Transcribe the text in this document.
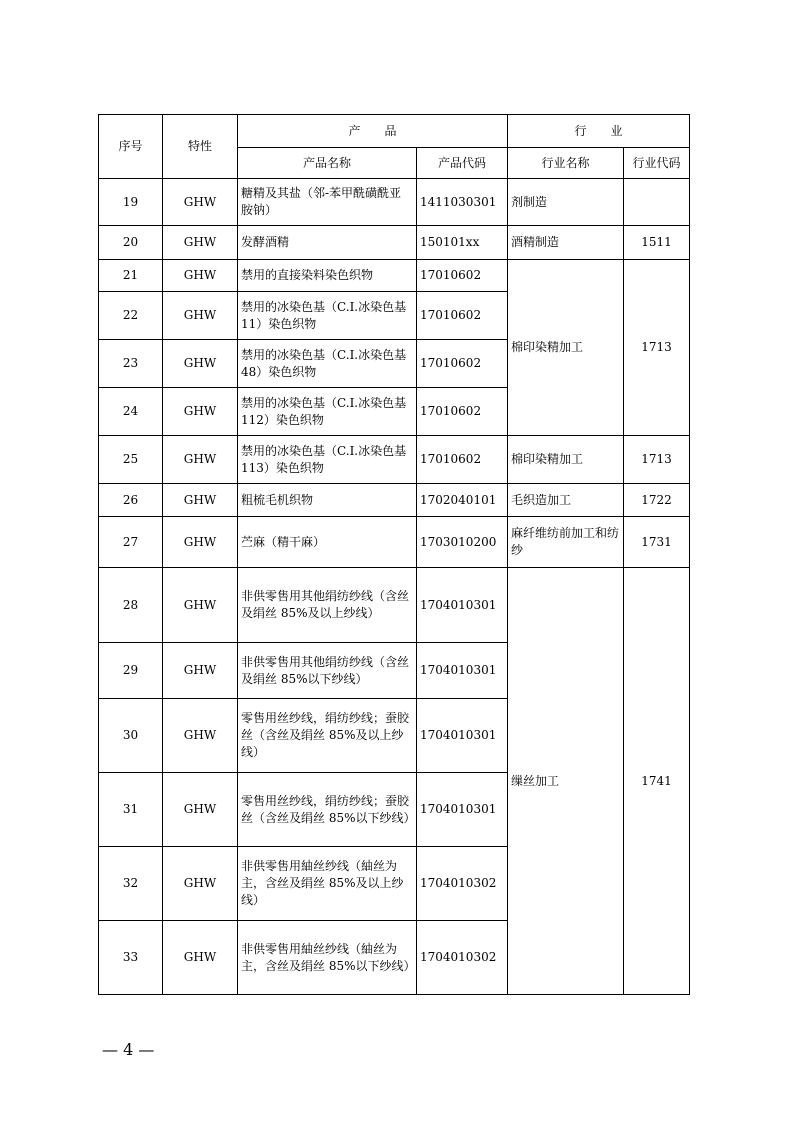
序号	特性	产　　品		行　　业	
		产品名称	产品代码	行业名称	行业代码
19	GHW	糖精及其盐（邻-苯甲酰磺酰亚胺钠）	1411030301	剂制造	
20	GHW	发酵酒精	150101xx	酒精制造	1511
21	GHW	禁用的直接染料染色织物	17010602	棉印染精加工	1713
22	GHW	禁用的冰染色基（C.I.冰染色基 11）染色织物	17010602		
23	GHW	禁用的冰染色基（C.I.冰染色基 48）染色织物	17010602		
24	GHW	禁用的冰染色基（C.I.冰染色基 112）染色织物	17010602		
25	GHW	禁用的冰染色基（C.I.冰染色基 113）染色织物	17010602	棉印染精加工	1713
26	GHW	粗梳毛机织物	1702040101	毛织造加工	1722
27	GHW	苎麻（精干麻）	1703010200	麻纤维纺前加工和纺纱	1731
28	GHW	非供零售用其他绢纺纱线（含丝及绢丝 85%及以上纱线）	1704010301	缫丝加工	1741
29	GHW	非供零售用其他绢纺纱线（含丝及绢丝 85%以下纱线）	1704010301		
30	GHW	零售用丝纱线，绢纺纱线；蚕胶丝（含丝及绢丝 85%及以上纱线）	1704010301		
31	GHW	零售用丝纱线，绢纺纱线；蚕胶丝（含丝及绢丝 85%以下纱线）	1704010301		
32	GHW	非供零售用紬丝纱线（紬丝为主，含丝及绢丝 85%及以上纱线）	1704010302		
33	GHW	非供零售用紬丝纱线（紬丝为主，含丝及绢丝 85%以下纱线）	1704010302		
— 4 —
